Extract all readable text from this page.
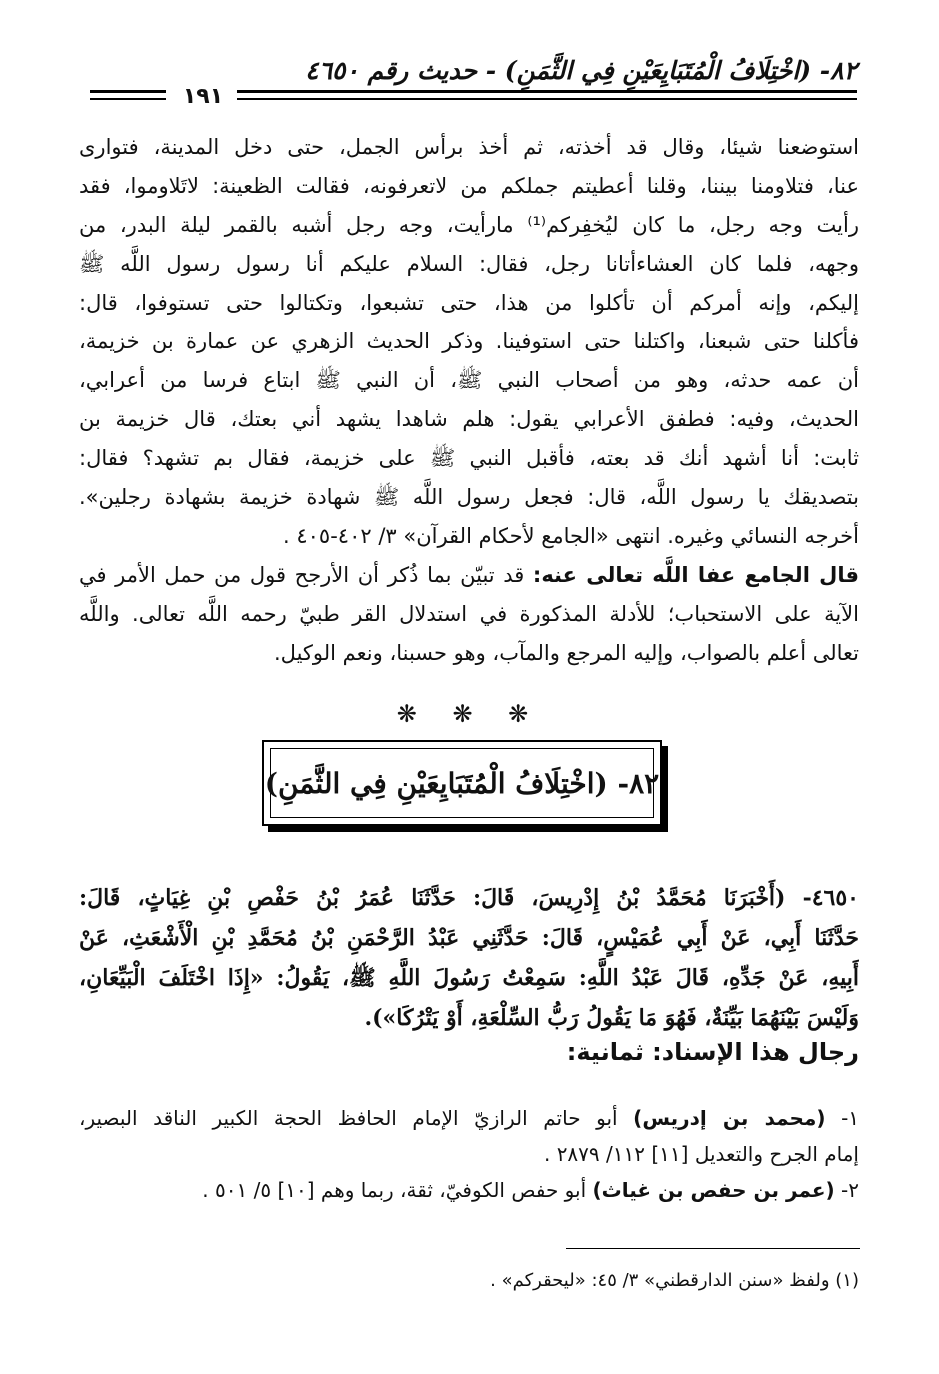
٨٢- (اخْتِلَافُ الْمُتَبَايِعَيْنِ فِي الثَّمَنِ) - حديث رقم ٤٦٥٠
١٩١
استوضعنا شيئا، وقال قد أخذته، ثم أخذ برأس الجمل، حتى دخل المدينة، فتوارى
عنا، فتلاومنا بيننا، وقلنا أعطيتم جملكم من لاتعرفونه، فقالت الظعينة: لاتَلاوموا، فقد
رأيت وجه رجل، ما كان ليُخفِركم⁽¹⁾ مارأيت، وجه رجل أشبه بالقمر ليلة البدر، من
وجهه، فلما كان العشاءأتانا رجل، فقال: السلام عليكم أنا رسول رسول اللَّه ﷺ
إليكم، وإنه أمركم أن تأكلوا من هذا، حتى تشبعوا، وتكتالوا حتى تستوفوا، قال:
فأكلنا حتى شبعنا، واكتلنا حتى استوفينا. وذكر الحديث الزهري عن عمارة بن خزيمة،
أن عمه حدثه، وهو من أصحاب النبي ﷺ، أن النبي ﷺ ابتاع فرسا من أعرابي،
الحديث، وفيه: فطفق الأعرابي يقول: هلم شاهدا يشهد أني بعتك، قال خزيمة بن
ثابت: أنا أشهد أنك قد بعته، فأقبل النبي ﷺ على خزيمة، فقال بم تشهد؟ فقال:
بتصديقك يا رسول اللَّه، قال: فجعل رسول اللَّه ﷺ شهادة خزيمة بشهادة رجلين».
أخرجه النسائي وغيره. انتهى «الجامع لأحكام القرآن» ٣/ ٤٠٢-٤٠٥ .
قال الجامع عفا اللَّه تعالى عنه: قد تبيّن بما ذُكر أن الأرجح قول من حمل الأمر في
الآية على الاستحباب؛ للأدلة المذكورة في استدلال القر طبيّ رحمه اللَّه تعالى. واللَّه
تعالى أعلم بالصواب، وإليه المرجع والمآب، وهو حسبنا، ونعم الوكيل.
❋ ❋ ❋
٨٢- (اخْتِلَافُ الْمُتَبَايِعَيْنِ فِي الثَّمَنِ)
٤٦٥٠- (أَخْبَرَنَا مُحَمَّدُ بْنُ إِدْرِيسَ، قَالَ: حَدَّثَنَا عُمَرُ بْنُ حَفْصِ بْنِ غِيَاثٍ، قَالَ:
حَدَّثَنَا أَبِي، عَنْ أَبِي عُمَيْسٍ، قَالَ: حَدَّثَنِي عَبْدُ الرَّحْمَنِ بْنُ مُحَمَّدِ بْنِ الْأَشْعَثِ، عَنْ
أَبِيهِ، عَنْ جَدِّهِ، قَالَ عَبْدُ اللَّهِ: سَمِعْتُ رَسُولَ اللَّهِ ﷺ، يَقُولُ: «إِذَا اخْتَلَفَ الْبَيِّعَانِ،
وَلَيْسَ بَيْنَهُمَا بَيِّنَةٌ، فَهُوَ مَا يَقُولُ رَبُّ السِّلْعَةِ، أَوْ يَتْرُكَا»).
رجال هذا الإسناد: ثمانية:
١- (محمد بن إدريس) أبو حاتم الرازيّ الإمام الحافظ الحجة الكبير الناقد البصير،
إمام الجرح والتعديل [١١] ١١٢/ ٢٨٧٩ .
٢- (عمر بن حفص بن غياث) أبو حفص الكوفيّ، ثقة، ربما وهم [١٠] ٥/ ٥٠١ .
(١) ولفظ «سنن الدارقطني» ٣/ ٤٥: «ليحقركم» .
